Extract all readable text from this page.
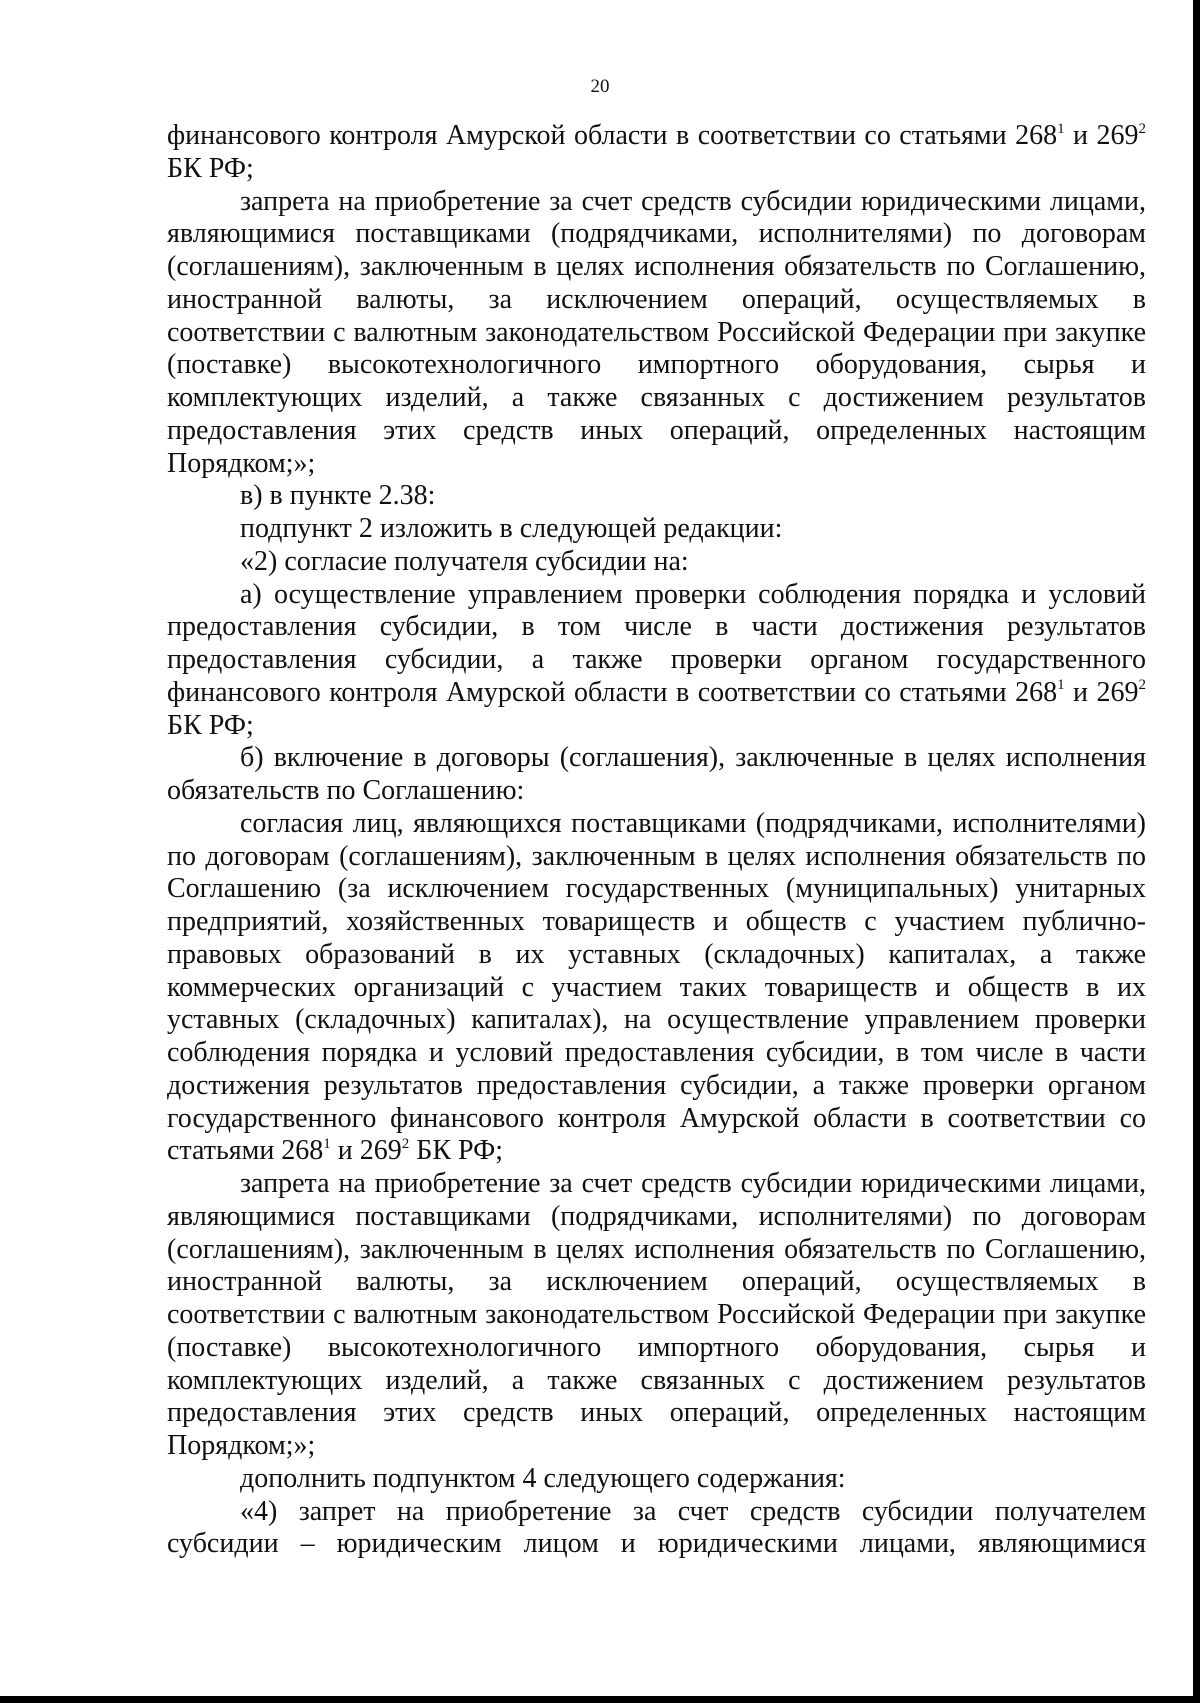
20

финансового контроля Амурской области в соответствии со статьями $268^1$ и $269^2$ БК РФ;

запрета на приобретение за счет средств субсидии юридическими лицами, являющимися поставщиками (подрядчиками, исполнителями) по договорам (соглашениям), заключенным в целях исполнения обязательств по Соглашению, иностранной валюты, за исключением операций, осуществляемых в соответствии с валютным законодательством Российской Федерации при закупке (поставке) высокотехнологичного импортного оборудования, сырья и комплектующих изделий, а также связанных с достижением результатов предоставления этих средств иных операций, определенных настоящим Порядком;»;

в) в пункте 2.38:

подпункт 2 изложить в следующей редакции:

«2) согласие получателя субсидии на:

а) осуществление управлением проверки соблюдения порядка и условий предоставления субсидии, в том числе в части достижения результатов предоставления субсидии, а также проверки органом государственного финансового контроля Амурской области в соответствии со статьями $268^1$ и $269^2$ БК РФ;

б) включение в договоры (соглашения), заключенные в целях исполнения обязательств по Соглашению:

согласия лиц, являющихся поставщиками (подрядчиками, исполнителями) по договорам (соглашениям), заключенным в целях исполнения обязательств по Соглашению (за исключением государственных (муниципальных) унитарных предприятий, хозяйственных товариществ и обществ с участием публично-правовых образований в их уставных (складочных) капиталах, а также коммерческих организаций с участием таких товариществ и обществ в их уставных (складочных) капиталах), на осуществление управлением проверки соблюдения порядка и условий предоставления субсидии, в том числе в части достижения результатов предоставления субсидии, а также проверки органом государственного финансового контроля Амурской области в соответствии со статьями $268^1$ и $269^2$ БК РФ;

запрета на приобретение за счет средств субсидии юридическими лицами, являющимися поставщиками (подрядчиками, исполнителями) по договорам (соглашениям), заключенным в целях исполнения обязательств по Соглашению, иностранной валюты, за исключением операций, осуществляемых в соответствии с валютным законодательством Российской Федерации при закупке (поставке) высокотехнологичного импортного оборудования, сырья и комплектующих изделий, а также связанных с достижением результатов предоставления этих средств иных операций, определенных настоящим Порядком;»;

дополнить подпунктом 4 следующего содержания:

«4) запрет на приобретение за счет средств субсидии получателем субсидии – юридическим лицом и юридическими лицами, являющимися
